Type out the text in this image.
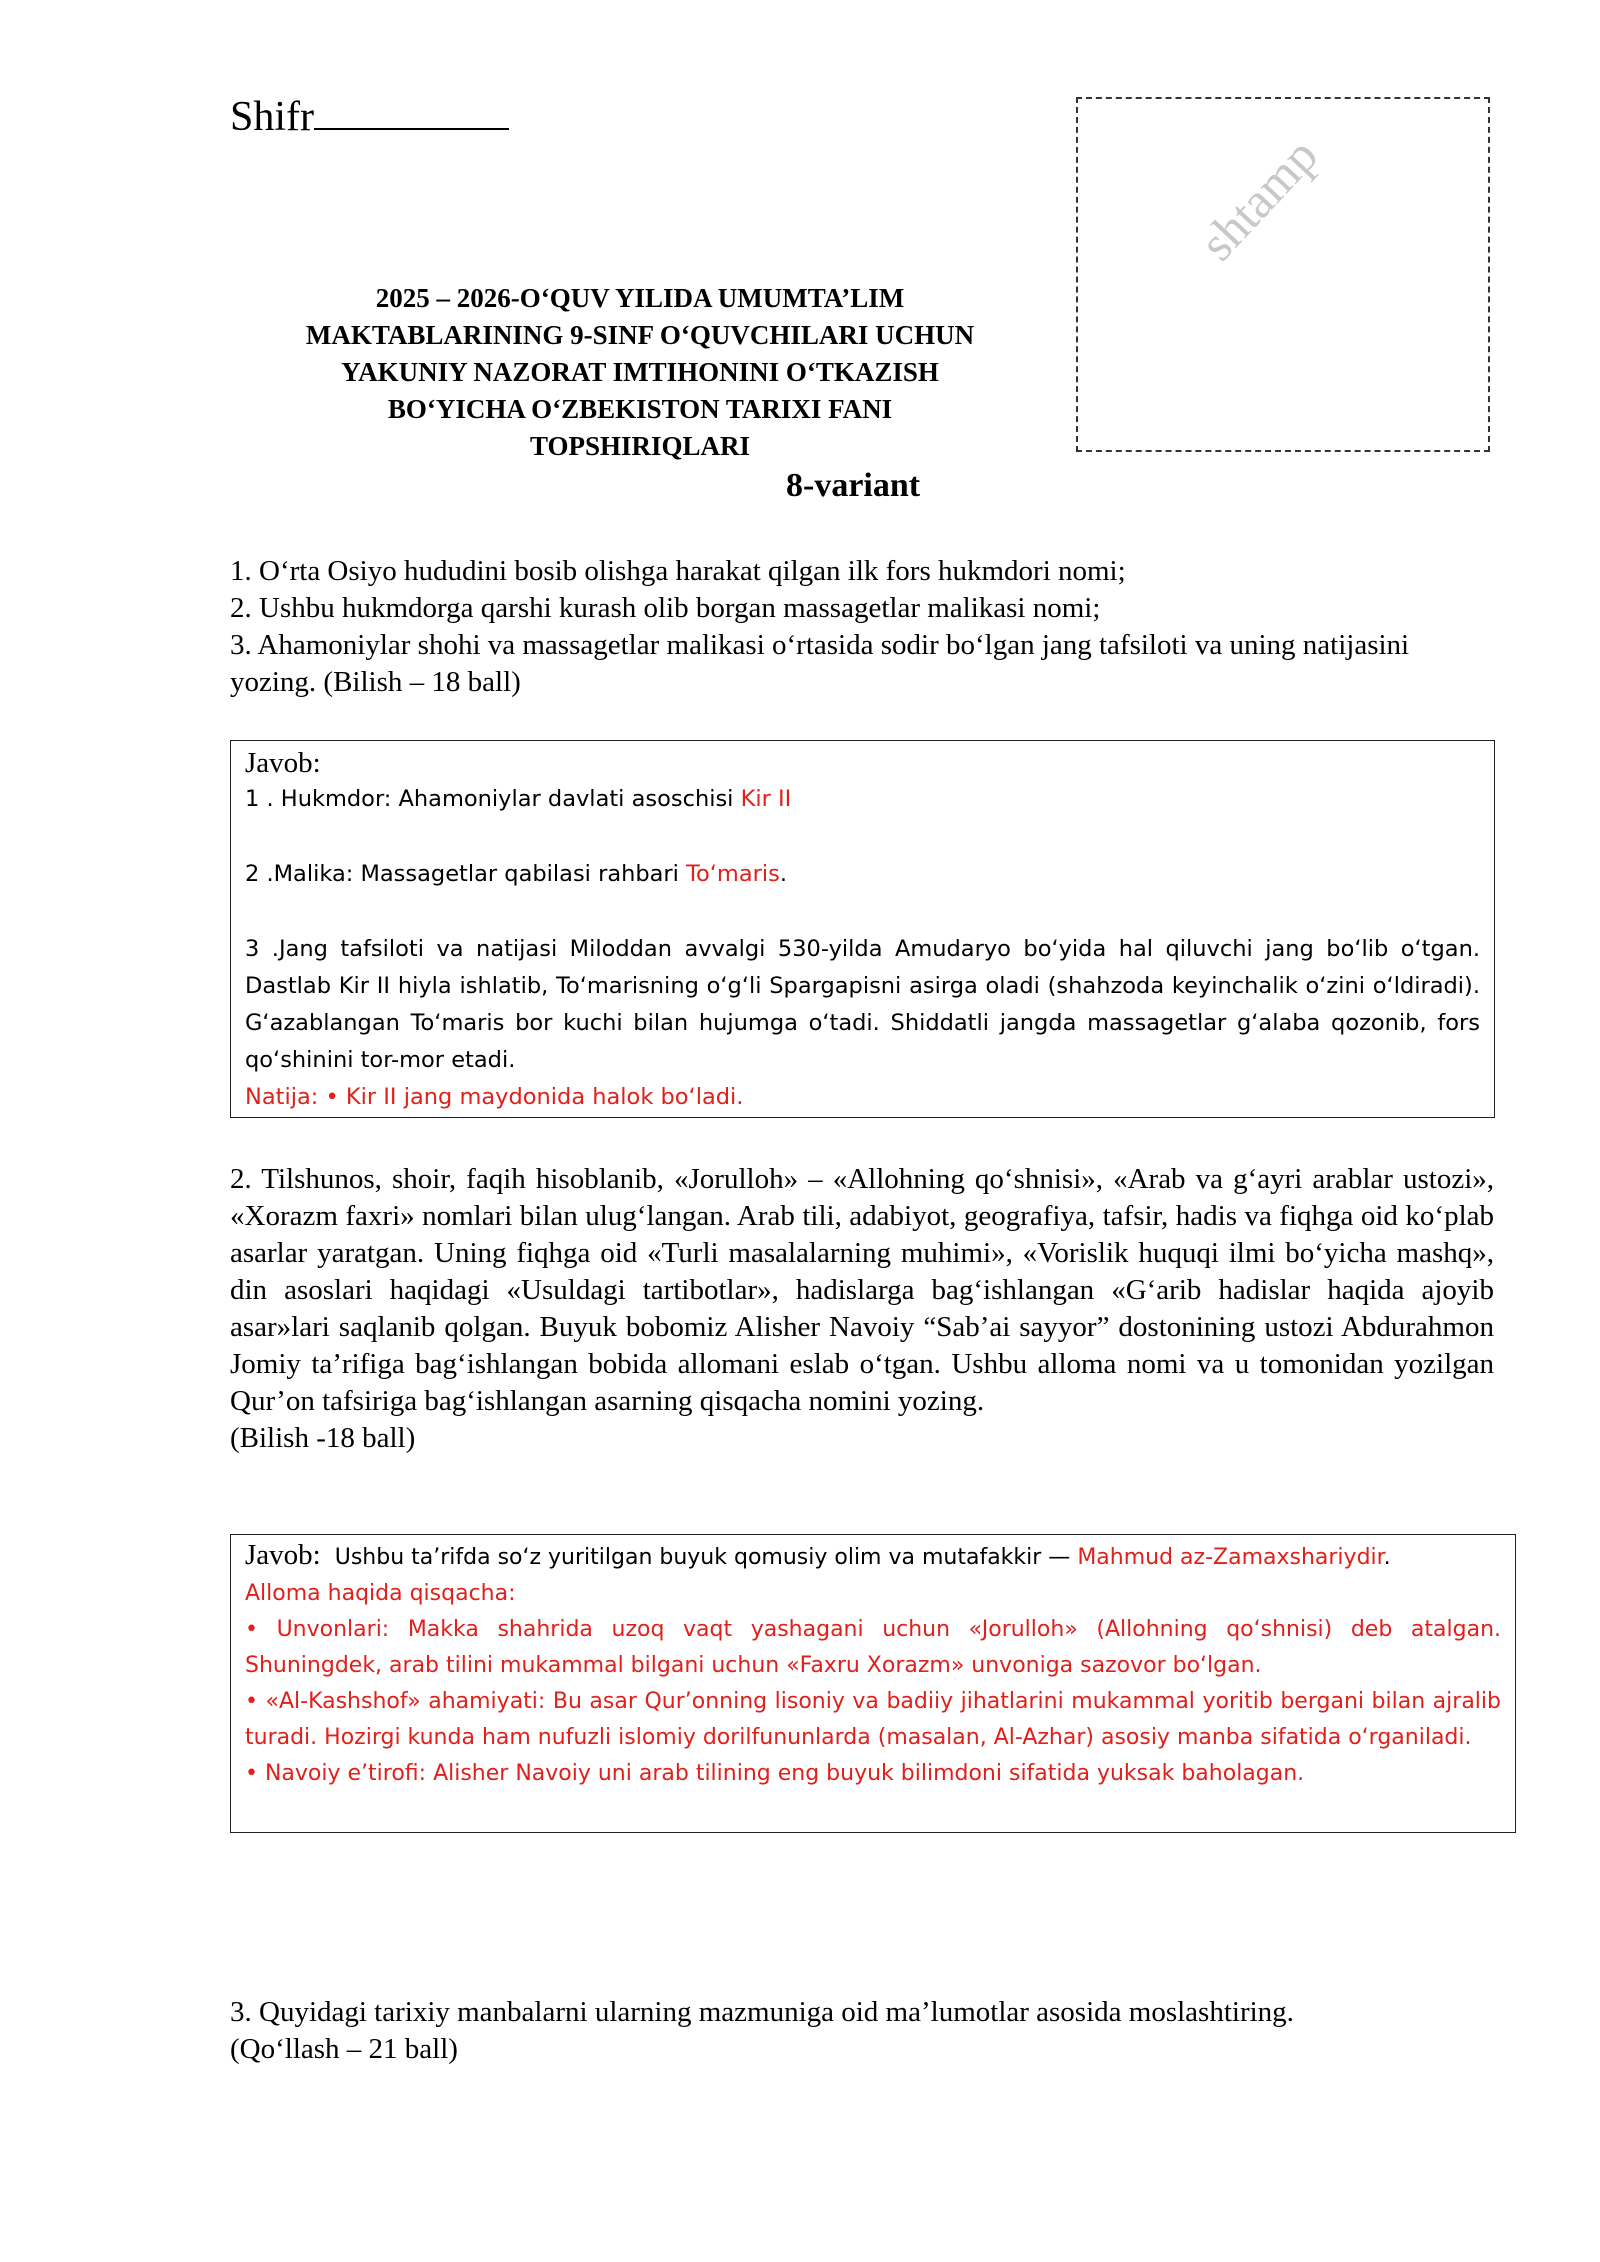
Shifr
shtamp
2025 – 2026-O‘QUV YILIDA UMUMTA’LIM
MAKTABLARINING 9-SINF O‘QUVCHILARI UCHUN
YAKUNIY NAZORAT IMTIHONINI O‘TKAZISH
BO‘YICHA O‘ZBEKISTON TARIXI FANI
TOPSHIRIQLARI
8-variant
1. O‘rta Osiyo hududini bosib olishga harakat qilgan ilk fors hukmdori nomi;
2. Ushbu hukmdorga qarshi kurash olib borgan massagetlar malikasi nomi;
3. Ahamoniylar shohi va massagetlar malikasi o‘rtasida sodir bo‘lgan jang tafsiloti va uning natijasini yozing. (Bilish – 18 ball)
Javob:

1 . Hukmdor: Ahamoniylar davlati asoschisi Kir II

2 .Malika: Massagetlar qabilasi rahbari To‘maris.

3 .Jang tafsiloti va natijasi Miloddan avvalgi 530-yilda Amudaryo bo‘yida hal qiluvchi jang bo‘lib o‘tgan. Dastlab Kir II hiyla ishlatib, To‘marisning o‘g‘li Spargapisni asirga oladi (shahzoda keyinchalik o‘zini o‘ldiradi). G‘azablangan To‘maris bor kuchi bilan hujumga o‘tadi. Shiddatli jangda massagetlar g‘alaba qozonib, fors qo‘shinini tor-mor etadi.

Natija: • Kir II jang maydonida halok bo‘ladi.

2. Tilshunos, shoir, faqih hisoblanib, «Jorulloh» – «Allohning qo‘shnisi», «Arab va g‘ayri arablar ustozi», «Xorazm faxri» nomlari bilan ulug‘langan. Arab tili, adabiyot, geografiya, tafsir, hadis va fiqhga oid ko‘plab asarlar yaratgan. Uning fiqhga oid «Turli masalalarning muhimi», «Vorislik huquqi ilmi bo‘yicha mashq», din asoslari haqidagi «Usuldagi tartibotlar», hadislarga bag‘ishlangan «G‘arib hadislar haqida ajoyib asar»lari saqlanib qolgan. Buyuk bobomiz Alisher Navoiy “Sab’ai sayyor” dostonining ustozi Abdurahmon Jomiy ta’rifiga bag‘ishlangan bobida allomani eslab o‘tgan. Ushbu alloma nomi va u tomonidan yozilgan Qur’on tafsiriga bag‘ishlangan asarning qisqacha nomini yozing.
(Bilish -18 ball)

Javob: Ushbu ta’rifda so‘z yuritilgan buyuk qomusiy olim va mutafakkir — Mahmud az-Zamaxshariydir.

Alloma haqida qisqacha:

• Unvonlari: Makka shahrida uzoq vaqt yashagani uchun «Jorulloh» (Allohning qo‘shnisi) deb atalgan. Shuningdek, arab tilini mukammal bilgani uchun «Faxru Xorazm» unvoniga sazovor bo‘lgan.

• «Al-Kashshof» ahamiyati: Bu asar Qur’onning lisoniy va badiiy jihatlarini mukammal yoritib bergani bilan ajralib turadi. Hozirgi kunda ham nufuzli islomiy dorilfununlarda (masalan, Al-Azhar) asosiy manba sifatida o‘rganiladi.

• Navoiy e’tirofi: Alisher Navoiy uni arab tilining eng buyuk bilimdoni sifatida yuksak baholagan.

3. Quyidagi tarixiy manbalarni ularning mazmuniga oid ma’lumotlar asosida moslashtiring.
(Qo‘llash – 21 ball)
